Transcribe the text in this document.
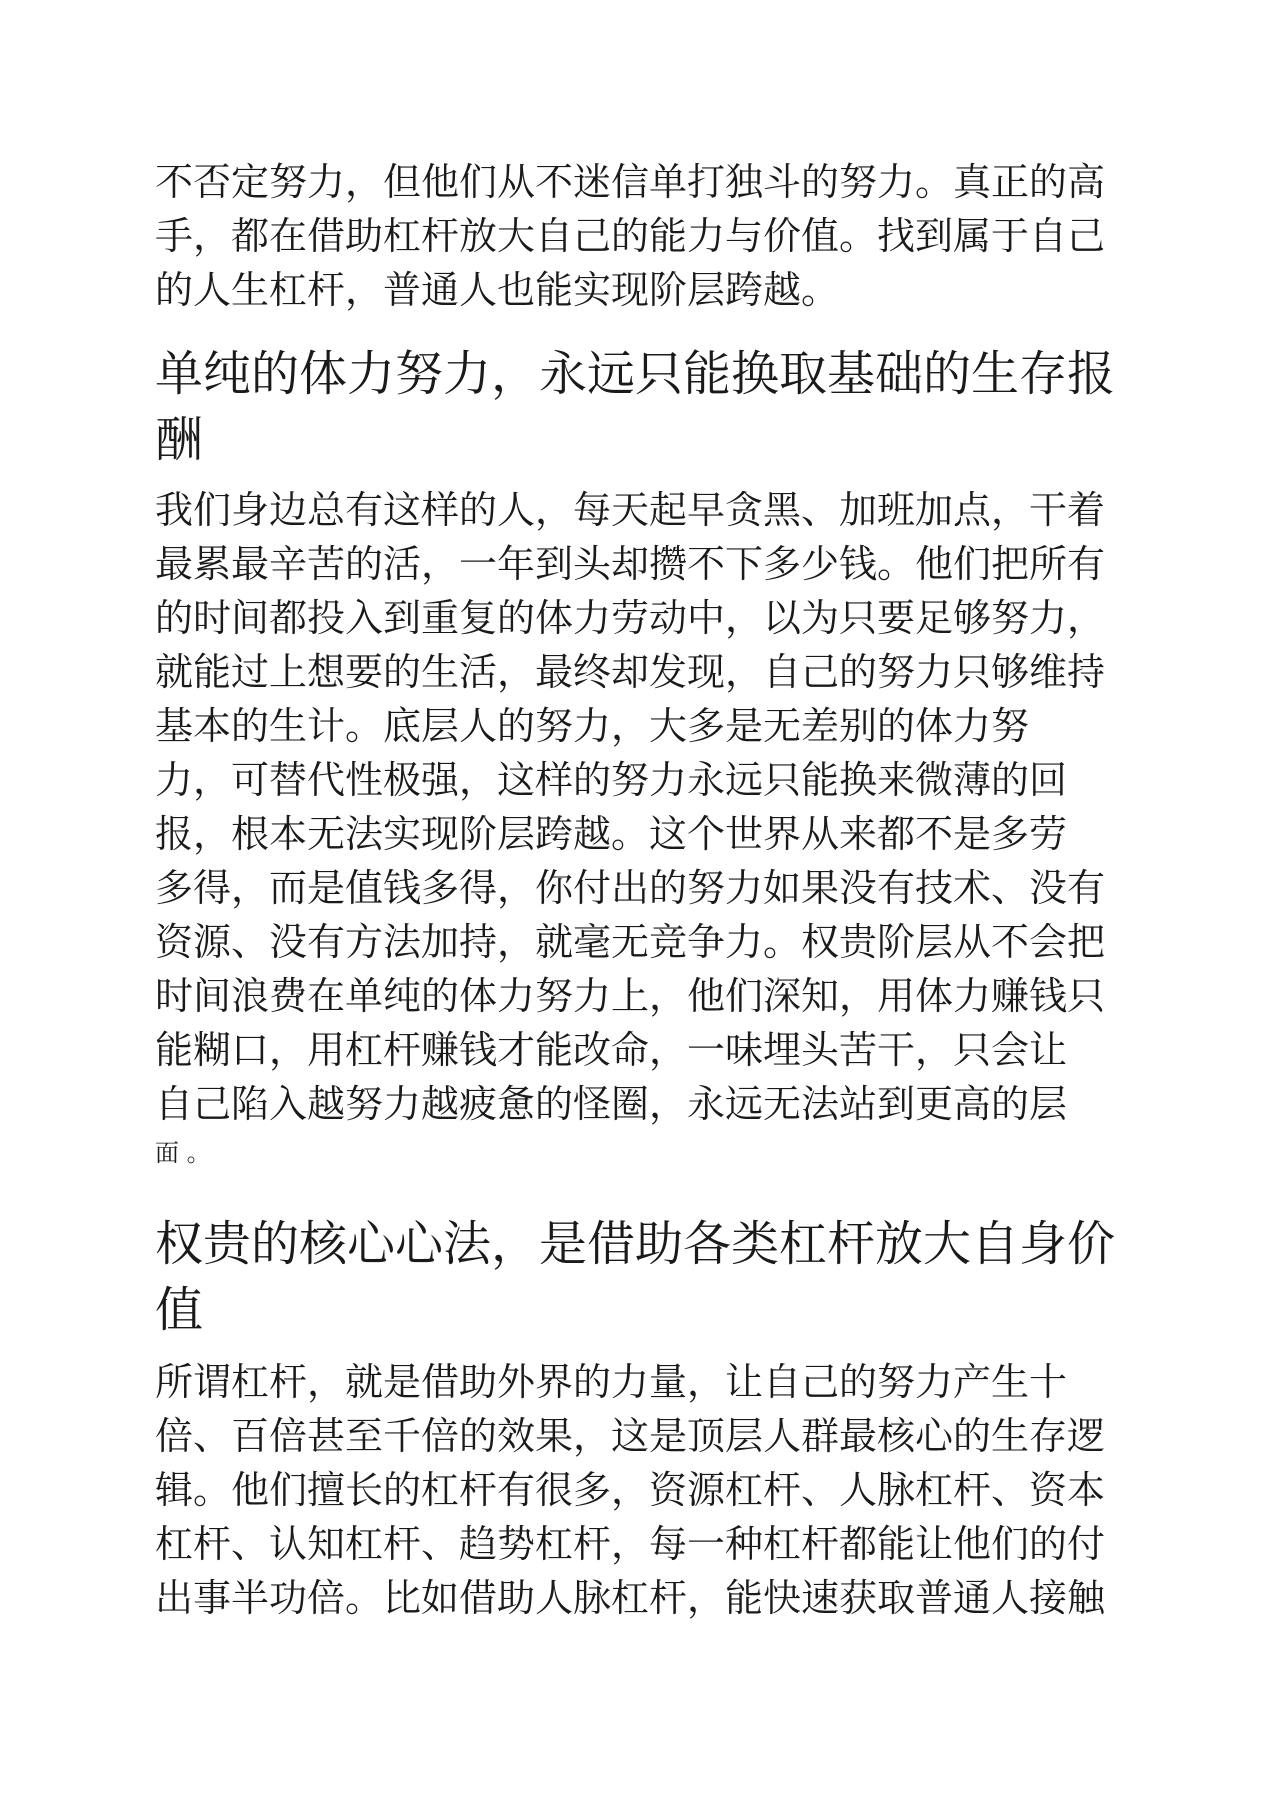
不否定努力，但他们从不迷信单打独斗的努力。真正的高
手，都在借助杠杆放大自己的能力与价值。找到属于自己
的人生杠杆，普通人也能实现阶层跨越。
单纯的体力努力，永远只能换取基础的生存报
酬
我们身边总有这样的人，每天起早贪黑、加班加点，干着
最累最辛苦的活，一年到头却攒不下多少钱。他们把所有
的时间都投入到重复的体力劳动中，以为只要足够努力，
就能过上想要的生活，最终却发现，自己的努力只够维持
基本的生计。底层人的努力，大多是无差别的体力努
力，可替代性极强，这样的努力永远只能换来微薄的回
报，根本无法实现阶层跨越。这个世界从来都不是多劳
多得，而是值钱多得，你付出的努力如果没有技术、没有
资源、没有方法加持，就毫无竞争力。权贵阶层从不会把
时间浪费在单纯的体力努力上，他们深知，用体力赚钱只
能糊口，用杠杆赚钱才能改命，一味埋头苦干，只会让
自己陷入越努力越疲惫的怪圈，永远无法站到更高的层
面 。
权贵的核心心法，是借助各类杠杆放大自身价
值
所谓杠杆，就是借助外界的力量，让自己的努力产生十
倍、百倍甚至千倍的效果，这是顶层人群最核心的生存逻
辑。他们擅长的杠杆有很多，资源杠杆、人脉杠杆、资本
杠杆、认知杠杆、趋势杠杆，每一种杠杆都能让他们的付
出事半功倍。比如借助人脉杠杆，能快速获取普通人接触
